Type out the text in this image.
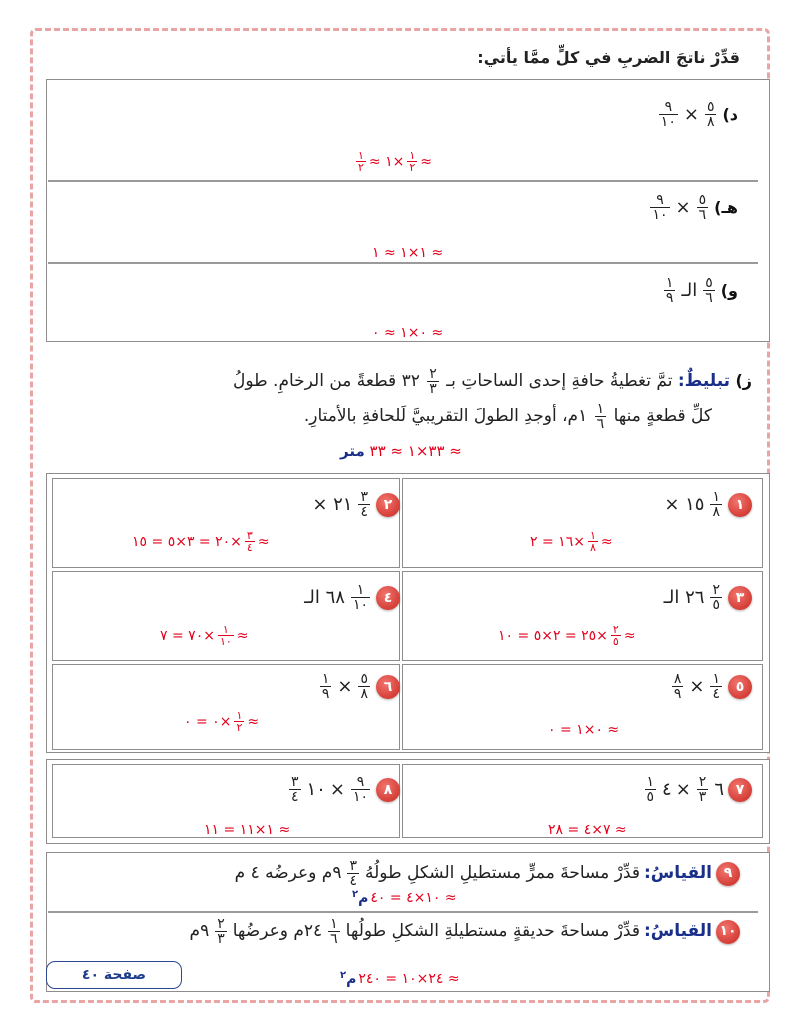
قدِّرْ ناتجَ الضربِ في كلٍّ ممَّا يأتي:
د)
$\frac{٥}{٨}$
×
$\frac{٩}{١٠}$
≈
$\frac{١}{٢}$
×١ ≈
$\frac{١}{٢}$
هـ)
$\frac{٥}{٦}$
×
$\frac{٩}{١٠}$
≈ ١×١ ≈ ١
و)
$\frac{٥}{٦}$
الـ
$\frac{١}{٩}$
≈ ٠×١ ≈ ٠
ز) تبليطٌ: تمَّ تغطيةُ حافةِ إحدى الساحاتِ بـ
$\frac{٢}{٣}$
٣٢ قطعةً من الرخامِ. طولُ
كلِّ قطعةٍ منها
$\frac{١}{٦}$
١م، أوجدِ الطولَ التقريبيَّ لَلحافةِ بالأمتارِ.
≈ ٣٣×١ ≈ ٣٣ متر
١
$\frac{١}{٨}$
١٥ ×
≈
$\frac{١}{٨}$
×١٦ = ٢
٢
$\frac{٣}{٤}$
٢١ ×
≈
$\frac{٣}{٤}$
×٢٠ = ٣×٥ = ١٥
٣
$\frac{٢}{٥}$
٢٦ الـ
≈
$\frac{٢}{٥}$
×٢٥ = ٢×٥ = ١٠
٤
$\frac{١}{١٠}$
٦٨ الـ
≈
$\frac{١}{١٠}$
×٧٠ = ٧
٥
$\frac{١}{٤}$
×
$\frac{٨}{٩}$
≈ ٠×١ = ٠
٦
$\frac{٥}{٨}$
×
$\frac{١}{٩}$
≈
$\frac{١}{٢}$
×٠ = ٠
٧
٦
$\frac{٢}{٣}$
×
٤
$\frac{١}{٥}$
≈ ٧×٤ = ٢٨
٨
$\frac{٩}{١٠}$
×
١٠
$\frac{٣}{٤}$
≈ ١×١١ = ١١
٩
القياسُ:
قدِّرْ مساحةَ ممرٍّ مستطيلِ الشكلِ طولُهُ
$\frac{٣}{٤}$
٩م وعرضُه ٤ م
≈ ١٠×٤ = ٤٠
م$^٢$
١٠
القياسُ:
قدِّرْ مساحةَ حديقةٍ مستطيلةِ الشكلِ طولُها
$\frac{١}{٦}$
٢٤م وعرضُها
$\frac{٢}{٣}$
٩م
≈ ٢٤×١٠ = ٢٤٠
م$^٢$
صفحة ٤٠
